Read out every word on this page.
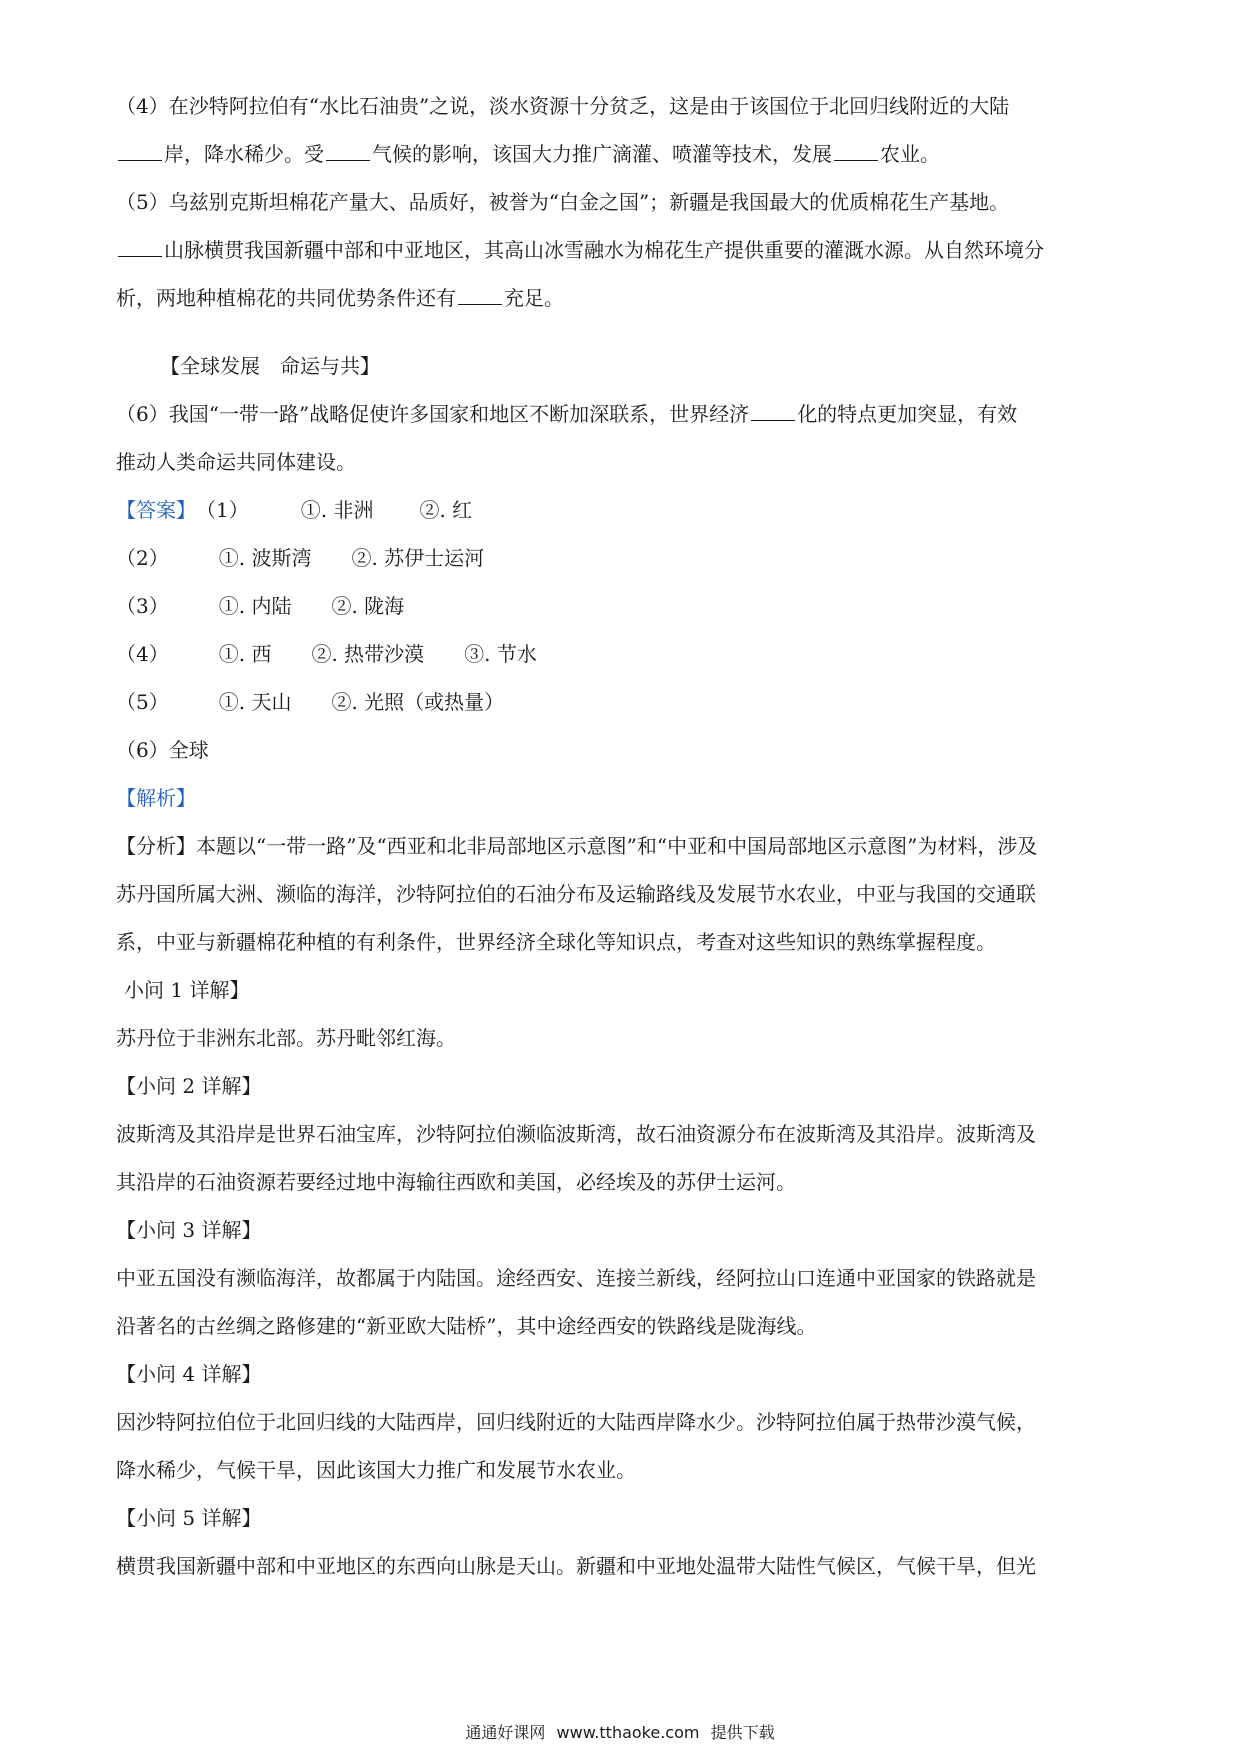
（4）在沙特阿拉伯有“水比石油贵”之说，淡水资源十分贫乏，这是由于该国位于北回归线附近的大陆
岸，降水稀少。受 气候的影响，该国大力推广滴灌、喷灌等技术，发展 农业。
（5）乌兹别克斯坦棉花产量大、品质好，被誉为“白金之国”；新疆是我国最大的优质棉花生产基地。
山脉横贯我国新疆中部和中亚地区，其高山冰雪融水为棉花生产提供重要的灌溉水源。从自然环境分
析，两地种植棉花的共同优势条件还有 充足。
【全球发展　命运与共】
（6）我国“一带一路”战略促使许多国家和地区不断加深联系，世界经济 化的特点更加突显，有效
推动人类命运共同体建设。
【答案】（1）	①. 非洲 ②. 红
（2）	①. 波斯湾 ②. 苏伊士运河
（3）	①. 内陆 ②. 陇海
（4）	①. 西 ②. 热带沙漠 ③. 节水
（5）	①. 天山 ②. 光照（或热量）
（6）全球
【解析】
【分析】本题以“一带一路”及“西亚和北非局部地区示意图”和“中亚和中国局部地区示意图”为材料，涉及
苏丹国所属大洲、濒临的海洋，沙特阿拉伯的石油分布及运输路线及发展节水农业，中亚与我国的交通联
系，中亚与新疆棉花种植的有利条件，世界经济全球化等知识点，考查对这些知识的熟练掌握程度。
小问 1 详解】
苏丹位于非洲东北部。苏丹毗邻红海。
【小问 2 详解】
波斯湾及其沿岸是世界石油宝库，沙特阿拉伯濒临波斯湾，故石油资源分布在波斯湾及其沿岸。波斯湾及
其沿岸的石油资源若要经过地中海输往西欧和美国，必经埃及的苏伊士运河。
【小问 3 详解】
中亚五国没有濒临海洋，故都属于内陆国。途经西安、连接兰新线，经阿拉山口连通中亚国家的铁路就是
沿著名的古丝绸之路修建的“新亚欧大陆桥”，其中途经西安的铁路线是陇海线。
【小问 4 详解】
因沙特阿拉伯位于北回归线的大陆西岸，回归线附近的大陆西岸降水少。沙特阿拉伯属于热带沙漠气候，
降水稀少，气候干旱，因此该国大力推广和发展节水农业。
【小问 5 详解】
横贯我国新疆中部和中亚地区的东西向山脉是天山。新疆和中亚地处温带大陆性气候区，气候干旱，但光
通通好课网 www.tthaoke.com 提供下载
